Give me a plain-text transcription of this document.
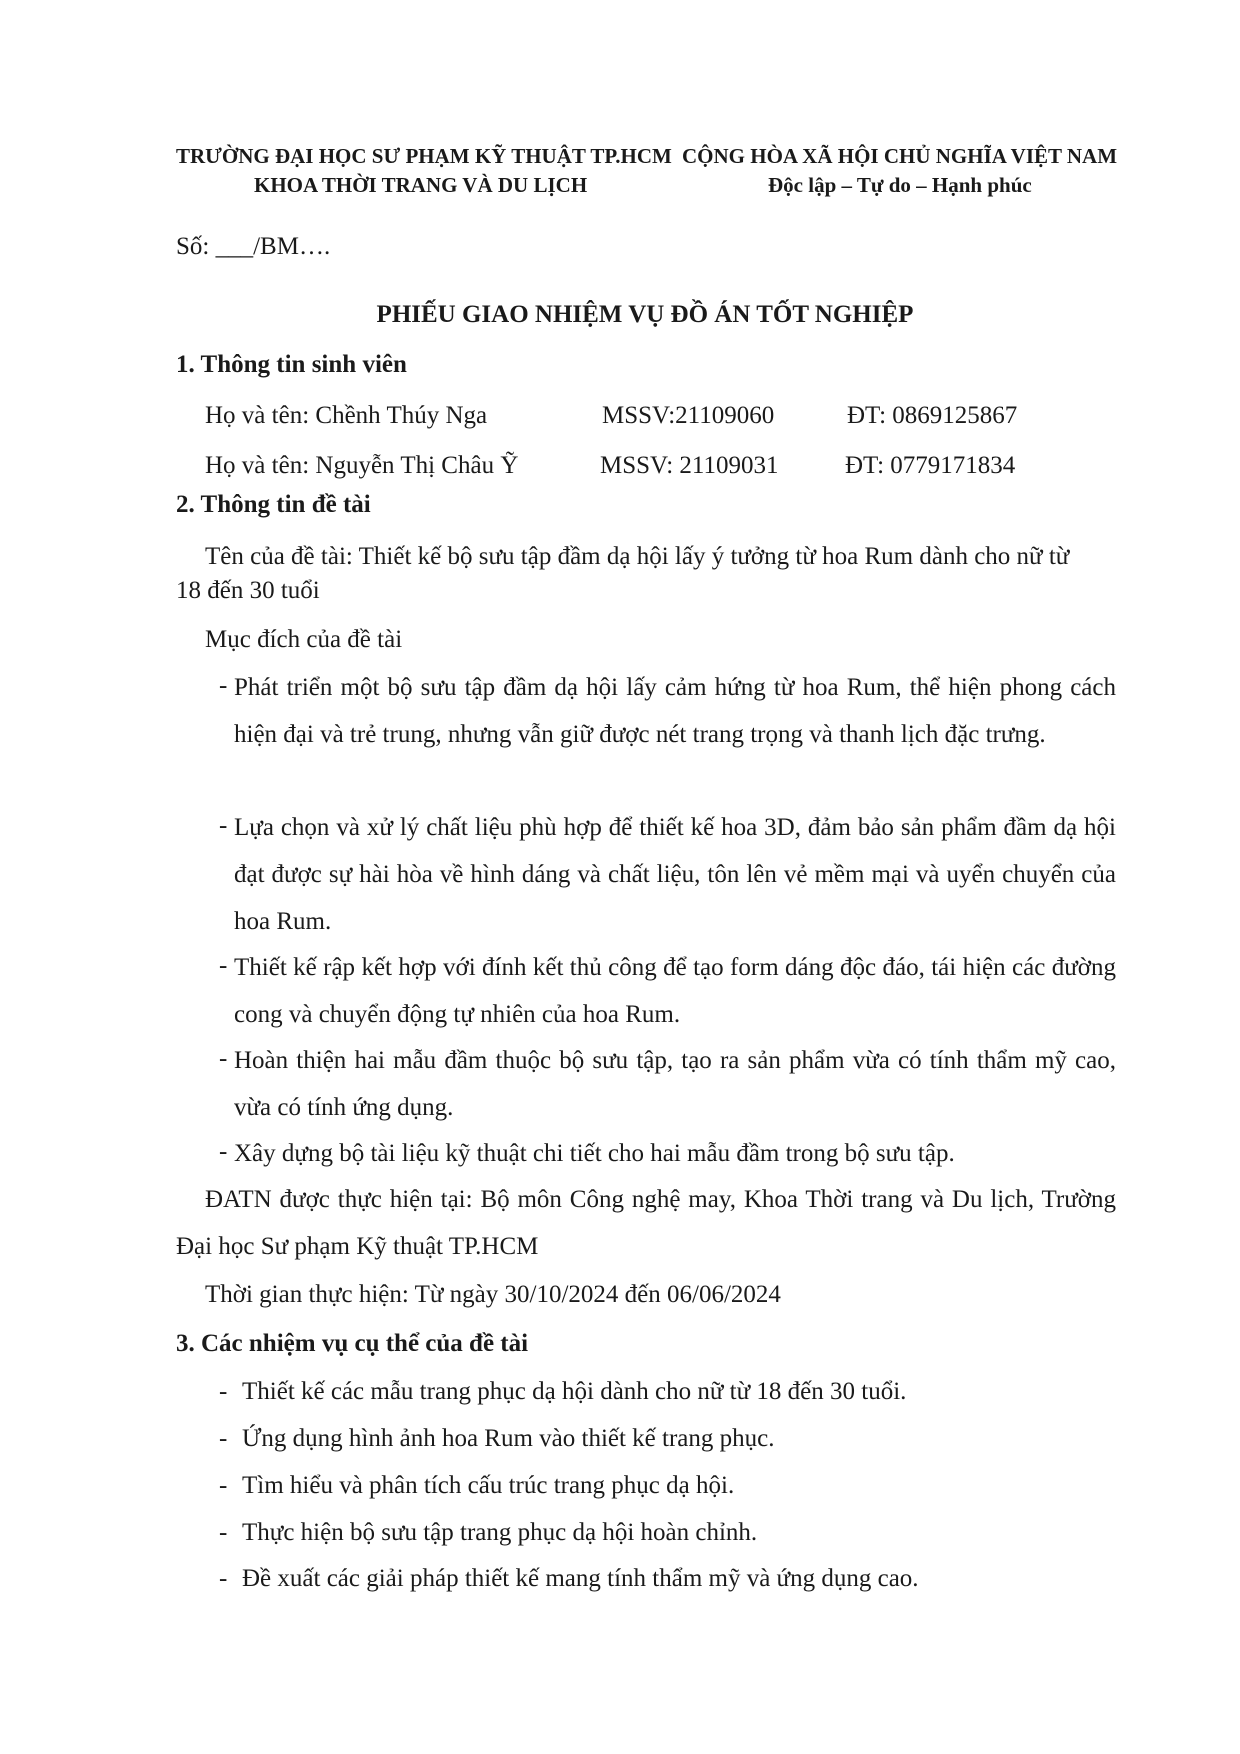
TRƯỜNG ĐẠI HỌC SƯ PHẠM KỸ THUẬT TP.HCM
KHOA THỜI TRANG VÀ DU LỊCH
CỘNG HÒA XÃ HỘI CHỦ NGHĨA VIỆT NAM
Độc lập – Tự do – Hạnh phúc
Số: ___/BM….
PHIẾU GIAO NHIỆM VỤ ĐỒ ÁN TỐT NGHIỆP
1. Thông tin sinh viên
Họ và tên: Chềnh Thúy Nga	MSSV:21109060	ĐT: 0869125867
Họ và tên: Nguyễn Thị Châu Ỹ	MSSV: 21109031	ĐT: 0779171834
2. Thông tin đề tài
Tên của đề tài: Thiết kế bộ sưu tập đầm dạ hội lấy ý tưởng từ hoa Rum dành cho nữ từ 18 đến 30 tuổi
Mục đích của đề tài
- Phát triển một bộ sưu tập đầm dạ hội lấy cảm hứng từ hoa Rum, thể hiện phong cách hiện đại và trẻ trung, nhưng vẫn giữ được nét trang trọng và thanh lịch đặc trưng.
- Lựa chọn và xử lý chất liệu phù hợp để thiết kế hoa 3D, đảm bảo sản phẩm đầm dạ hội đạt được sự hài hòa về hình dáng và chất liệu, tôn lên vẻ mềm mại và uyển chuyển của hoa Rum.
- Thiết kế rập kết hợp với đính kết thủ công để tạo form dáng độc đáo, tái hiện các đường cong và chuyển động tự nhiên của hoa Rum.
- Hoàn thiện hai mẫu đầm thuộc bộ sưu tập, tạo ra sản phẩm vừa có tính thẩm mỹ cao, vừa có tính ứng dụng.
- Xây dựng bộ tài liệu kỹ thuật chi tiết cho hai mẫu đầm trong bộ sưu tập.
ĐATN được thực hiện tại: Bộ môn Công nghệ may, Khoa Thời trang và Du lịch, Trường Đại học Sư phạm Kỹ thuật TP.HCM
Thời gian thực hiện: Từ ngày 30/10/2024 đến 06/06/2024
3. Các nhiệm vụ cụ thể của đề tài
- Thiết kế các mẫu trang phục dạ hội dành cho nữ từ 18 đến 30 tuổi.
- Ứng dụng hình ảnh hoa Rum vào thiết kế trang phục.
- Tìm hiểu và phân tích cấu trúc trang phục dạ hội.
- Thực hiện bộ sưu tập trang phục dạ hội hoàn chỉnh.
- Đề xuất các giải pháp thiết kế mang tính thẩm mỹ và ứng dụng cao.
